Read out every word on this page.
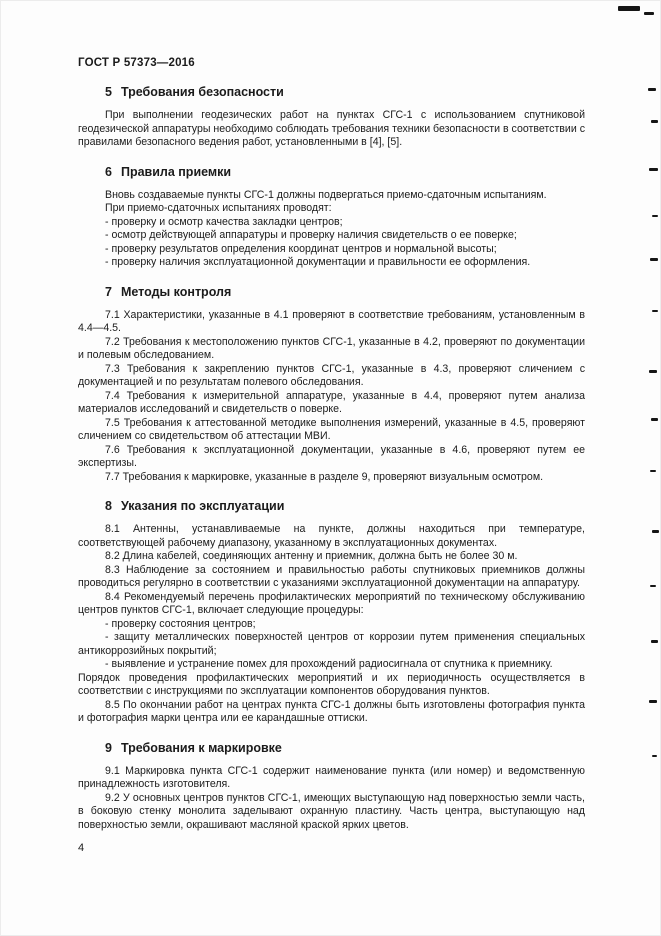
ГОСТ Р 57373—2016
5 Требования безопасности

При выполнении геодезических работ на пунктах СГС-1 с использованием спутниковой геодезической аппаратуры необходимо соблюдать требования техники безопасности в соответствии с правилами безопасного ведения работ, установленными в [4], [5].

6 Правила приемки

Вновь создаваемые пункты СГС-1 должны подвергаться приемо-сдаточным испытаниям.

При приемо-сдаточных испытаниях проводят:

- проверку и осмотр качества закладки центров;

- осмотр действующей аппаратуры и проверку наличия свидетельств о ее поверке;

- проверку результатов определения координат центров и нормальной высоты;

- проверку наличия эксплуатационной документации и правильности ее оформления.

7 Методы контроля

7.1 Характеристики, указанные в 4.1 проверяют в соответствие требованиям, установленным в 4.4—4.5.

7.2 Требования к местоположению пунктов СГС-1, указанные в 4.2, проверяют по документации и полевым обследованием.

7.3 Требования к закреплению пунктов СГС-1, указанные в 4.3, проверяют сличением с документацией и по результатам полевого обследования.

7.4 Требования к измерительной аппаратуре, указанные в 4.4, проверяют путем анализа материалов исследований и свидетельств о поверке.

7.5 Требования к аттестованной методике выполнения измерений, указанные в 4.5, проверяют сличением со свидетельством об аттестации МВИ.

7.6 Требования к эксплуатационной документации, указанные в 4.6, проверяют путем ее экспертизы.

7.7 Требования к маркировке, указанные в разделе 9, проверяют визуальным осмотром.

8 Указания по эксплуатации

8.1 Антенны, устанавливаемые на пункте, должны находиться при температуре, соответствующей рабочему диапазону, указанному в эксплуатационных документах.

8.2 Длина кабелей, соединяющих антенну и приемник, должна быть не более 30 м.

8.3 Наблюдение за состоянием и правильностью работы спутниковых приемников должны проводиться регулярно в соответствии с указаниями эксплуатационной документации на аппаратуру.

8.4 Рекомендуемый перечень профилактических мероприятий по техническому обслуживанию центров пунктов СГС-1, включает следующие процедуры:

- проверку состояния центров;

- защиту металлических поверхностей центров от коррозии путем применения специальных антикоррозийных покрытий;

- выявление и устранение помех для прохождений радиосигнала от спутника к приемнику.

Порядок проведения профилактических мероприятий и их периодичность осуществляется в соответствии с инструкциями по эксплуатации компонентов оборудования пунктов.

8.5 По окончании работ на центрах пункта СГС-1 должны быть изготовлены фотография пункта и фотография марки центра или ее карандашные оттиски.

9 Требования к маркировке

9.1 Маркировка пункта СГС-1 содержит наименование пункта (или номер) и ведомственную принадлежность изготовителя.

9.2 У основных центров пунктов СГС-1, имеющих выступающую над поверхностью земли часть, в боковую стенку монолита заделывают охранную пластину. Часть центра, выступающую над поверхностью земли, окрашивают масляной краской ярких цветов.

4
